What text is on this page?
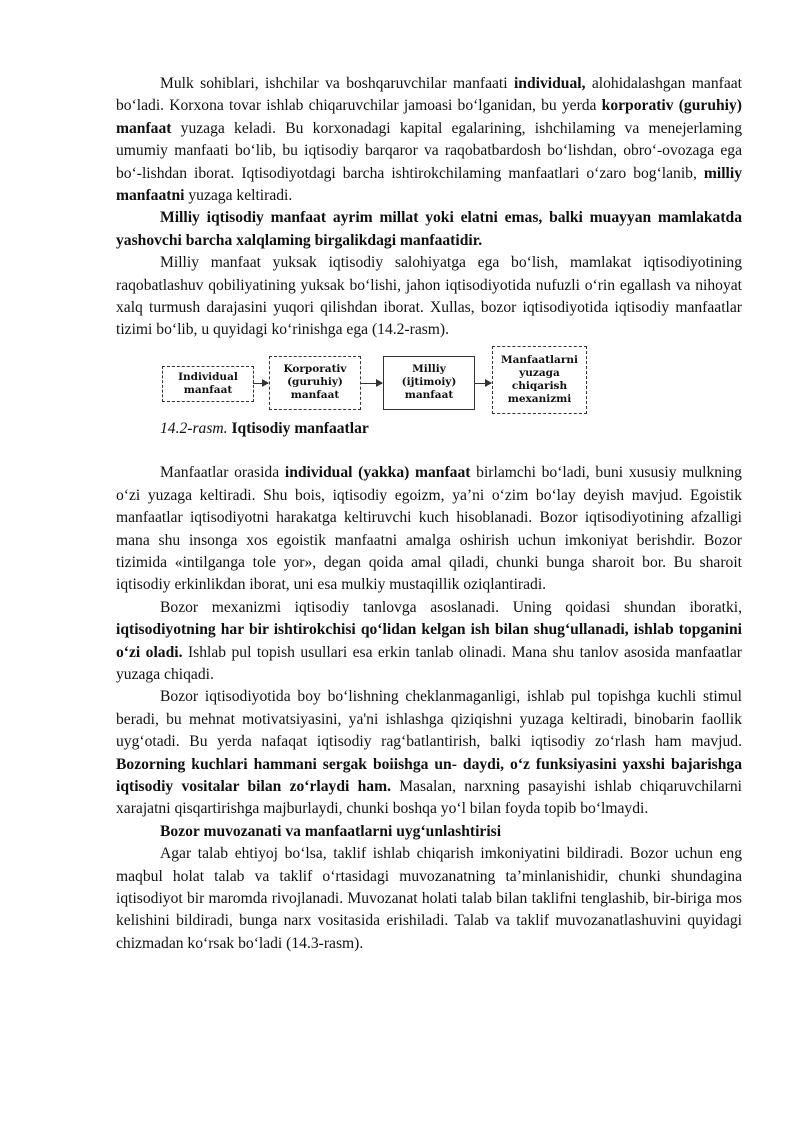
Mulk sohiblari, ishchilar va boshqaruvchilar manfaati individual, alohidalashgan manfaat bo‘ladi. Korxona tovar ishlab chiqaruvchilar jamoasi bo‘lganidan, bu yerda korporativ (guruhiy) manfaat yuzaga keladi. Bu korxonadagi kapital egalarining, ishchilaming va menejerlaming umumiy manfaati bo‘lib, bu iqtisodiy barqaror va raqobatbardosh bo‘lishdan, obro‘-ovozaga ega bo‘-lishdan iborat. Iqtisodiyotdagi barcha ishtirokchilaming manfaatlari o‘zaro bog‘lanib, milliy manfaatni yuzaga keltiradi.

Milliy iqtisodiy manfaat ayrim millat yoki elatni emas, balki muayyan mamlakatda yashovchi barcha xalqlaming birgalikdagi manfaatidir.

Milliy manfaat yuksak iqtisodiy salohiyatga ega bo‘lish, mamlakat iqtisodiyotining raqobatlashuv qobiliyatining yuksak bo‘lishi, jahon iqtisodiyotida nufuzli o‘rin egallash va nihoyat xalq turmush darajasini yuqori qilishdan iborat. Xullas, bozor iqtisodiyotida iqtisodiy manfaatlar tizimi bo‘lib, u quyidagi ko‘rinishga ega (14.2-rasm).

Individual
manfaat
Korporativ
(guruhiy)
manfaat
Milliy
(ijtimoiy)
manfaat
Manfaatlarni
yuzaga
chiqarish
mexanizmi

14.2-rasm. Iqtisodiy manfaatlar

Manfaatlar orasida individual (yakka) manfaat birlamchi bo‘ladi, buni xususiy mulkning o‘zi yuzaga keltiradi. Shu bois, iqtisodiy egoizm, ya’ni o‘zim bo‘lay deyish mavjud. Egoistik manfaatlar iqtisodiyotni harakatga keltiruvchi kuch hisoblanadi. Bozor iqtisodiyotining afzalligi mana shu insonga xos egoistik manfaatni amalga oshirish uchun imkoniyat berishdir. Bozor tizimida «intilganga tole yor», degan qoida amal qiladi, chunki bunga sharoit bor. Bu sharoit iqtisodiy erkinlikdan iborat, uni esa mulkiy mustaqillik oziqlantiradi.

Bozor mexanizmi iqtisodiy tanlovga asoslanadi. Uning qoidasi shundan iboratki, iqtisodiyotning har bir ishtirokchisi qo‘lidan kelgan ish bilan shug‘ullanadi, ishlab topganini o‘zi oladi. Ishlab pul topish usullari esa erkin tanlab olinadi. Mana shu tanlov asosida manfaatlar yuzaga chiqadi.

Bozor iqtisodiyotida boy bo‘lishning cheklanmaganligi, ishlab pul topishga kuchli stimul beradi, bu mehnat motivatsiyasini, ya'ni ishlashga qiziqishni yuzaga keltiradi, binobarin faollik uyg‘otadi. Bu yerda nafaqat iqtisodiy rag‘batlantirish, balki iqtisodiy zo‘rlash ham mavjud. Bozorning kuchlari hammani sergak boiishga un- daydi, o‘z funksiyasini yaxshi bajarishga iqtisodiy vositalar bilan zo‘rlaydi ham. Masalan, narxning pasayishi ishlab chiqaruvchilarni xarajatni qisqartirishga majburlaydi, chunki boshqa yo‘l bilan foyda topib bo‘lmaydi.

Bozor muvozanati va manfaatlarni uyg‘unlashtirisi

Agar talab ehtiyoj bo‘lsa, taklif ishlab chiqarish imkoniyatini bildiradi. Bozor uchun eng maqbul holat talab va taklif o‘rtasidagi muvozanatning ta’minlanishidir, chunki shundagina iqtisodiyot bir maromda rivojlanadi. Muvozanat holati talab bilan taklifni tenglashib, bir-biriga mos kelishini bildiradi, bunga narx vositasida erishiladi. Talab va taklif muvozanatlashuvini quyidagi chizmadan ko‘rsak bo‘ladi (14.3-rasm).
